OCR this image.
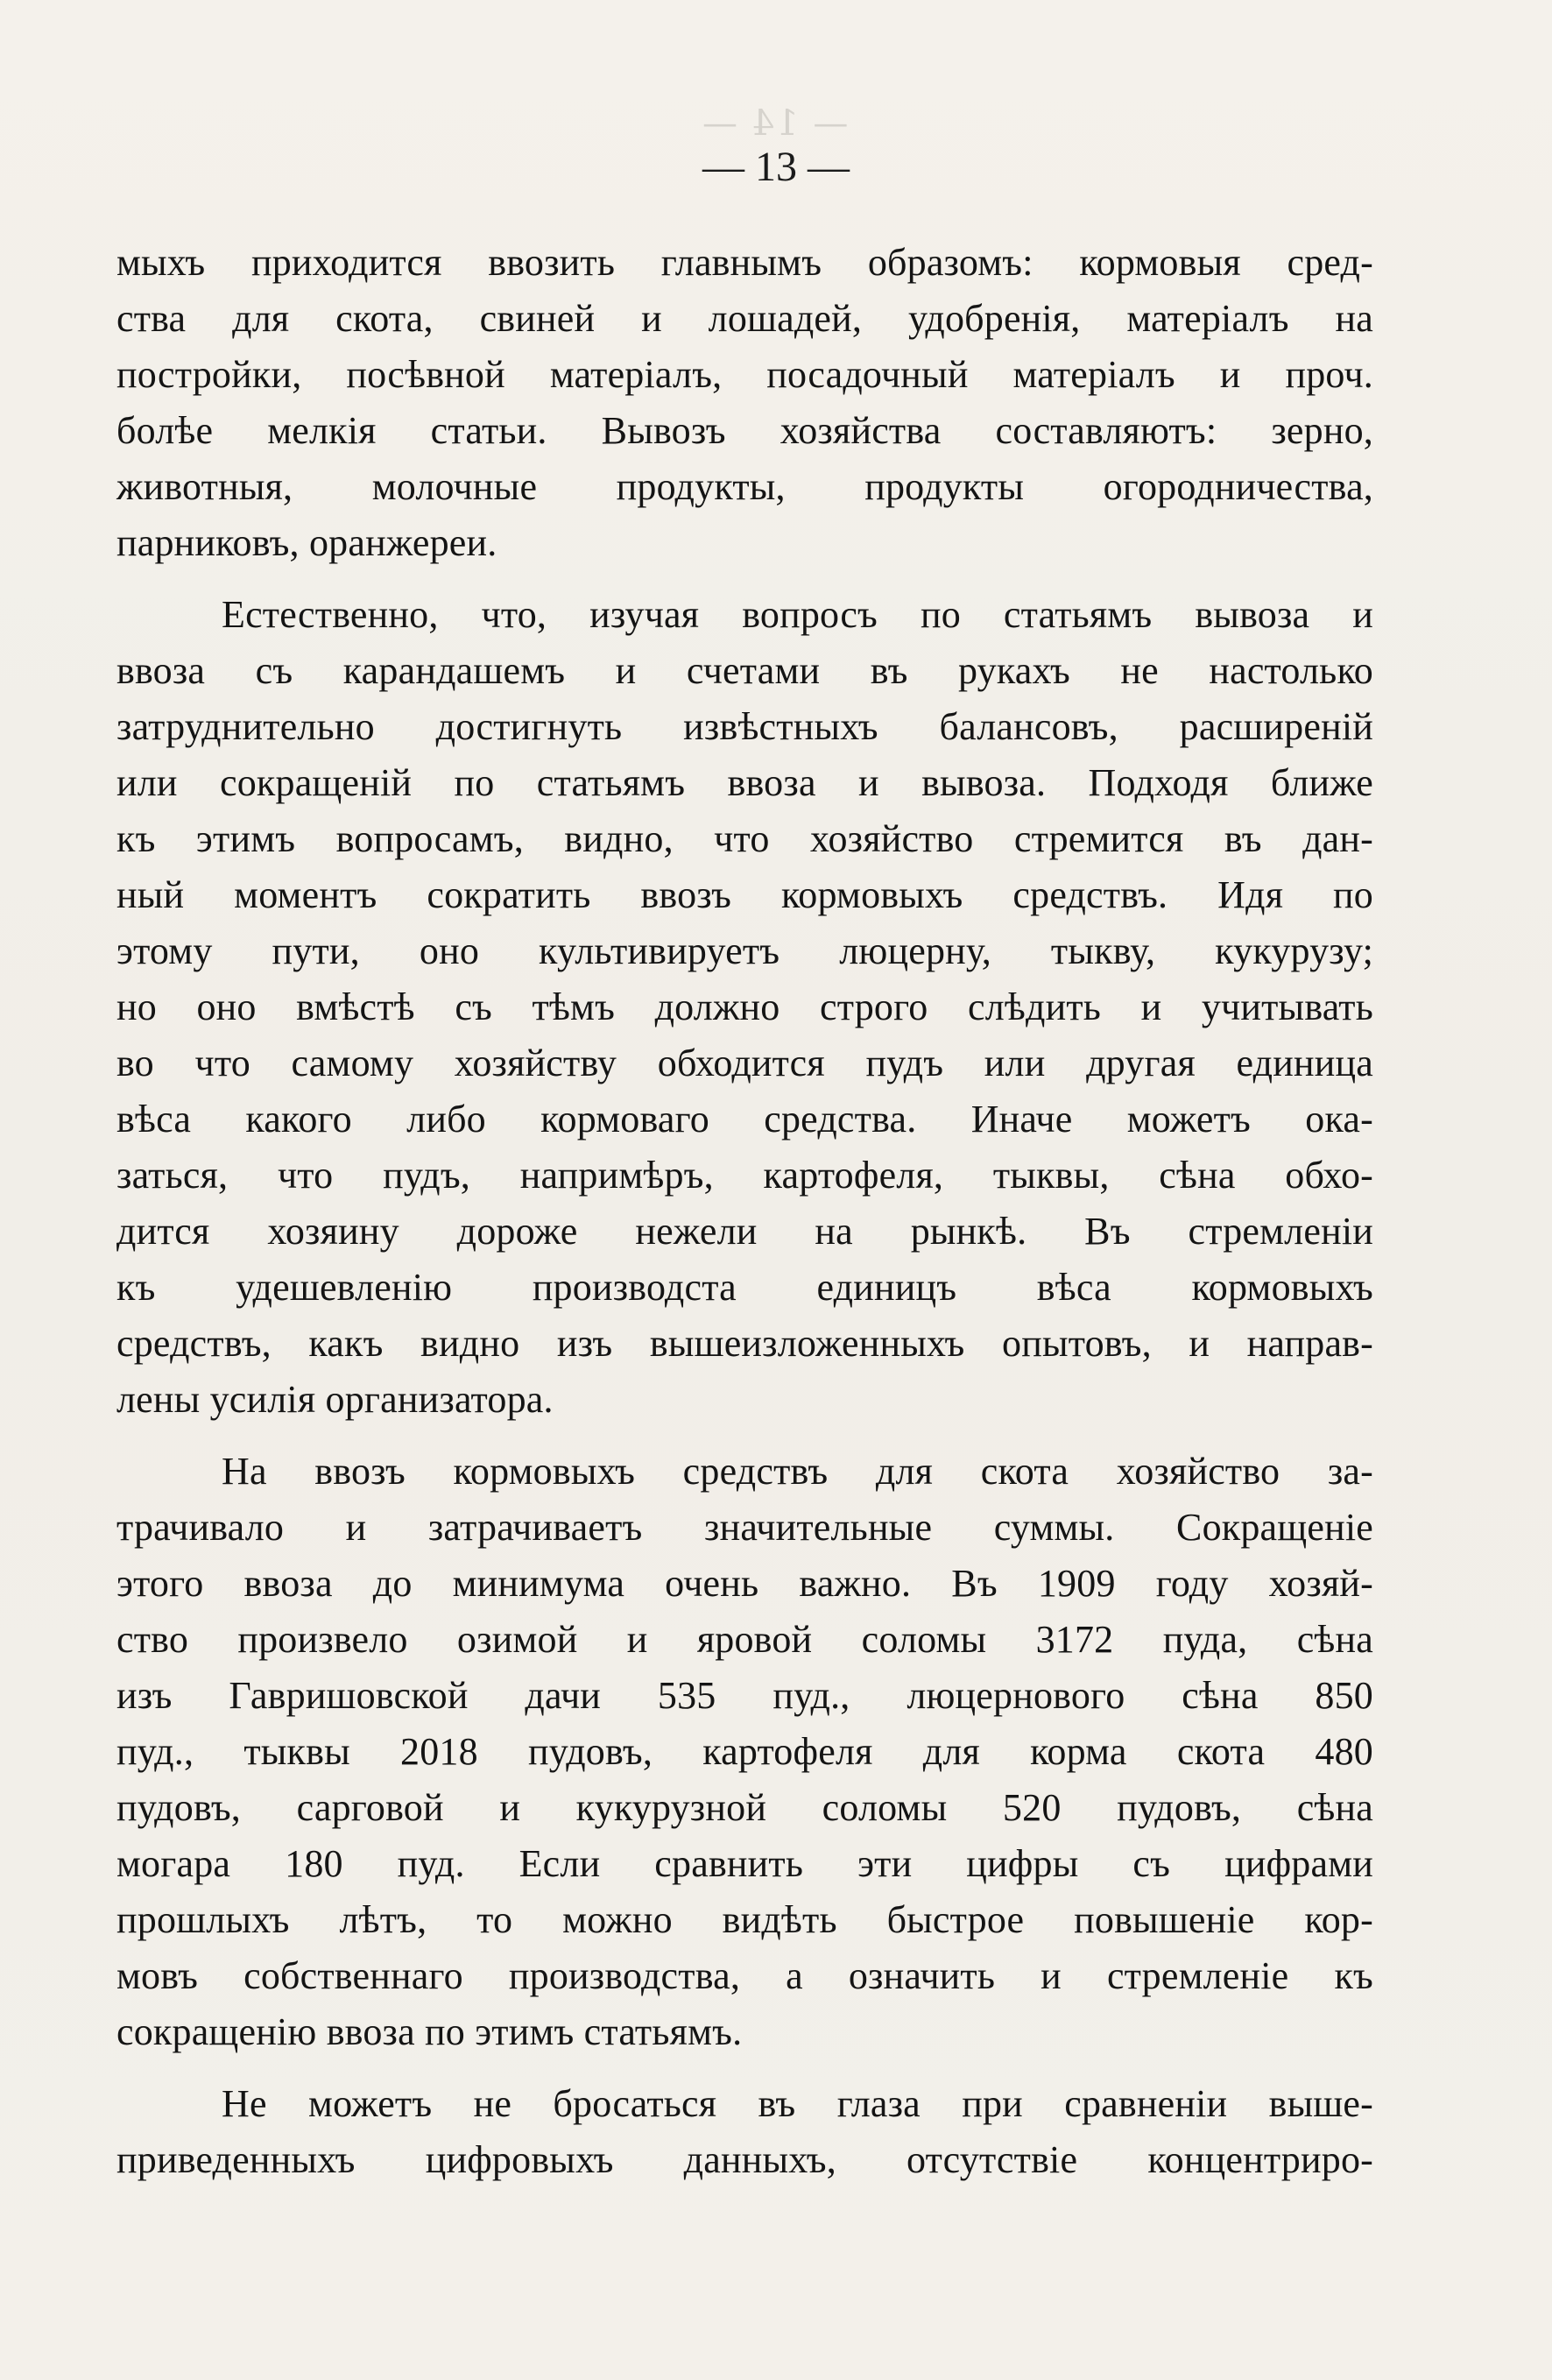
— 14 —
— 13 —
мыхъ приходится ввозить главнымъ образомъ: кормовыя сред-
ства для скота, свиней и лошадей, удобренія, матеріалъ на
постройки, посѣвной матеріалъ, посадочный матеріалъ и проч.
болѣе мелкія статьи. Вывозъ хозяйства составляютъ: зерно,
животныя, молочные продукты, продукты огородничества,
парниковъ, оранжереи.
Естественно, что, изучая вопросъ по статьямъ вывоза и
ввоза съ карандашемъ и счетами въ рукахъ не настолько
затруднительно достигнуть извѣстныхъ балансовъ, расширеній
или сокращеній по статьямъ ввоза и вывоза. Подходя ближе
къ этимъ вопросамъ, видно, что хозяйство стремится въ дан-
ный моментъ сократить ввозъ кормовыхъ средствъ. Идя по
этому пути, оно культивируетъ люцерну, тыкву, кукурузу;
но оно вмѣстѣ съ тѣмъ должно строго слѣдить и учитывать
во что самому хозяйству обходится пудъ или другая единица
вѣса какого либо кормоваго средства. Иначе можетъ ока-
заться, что пудъ, напримѣръ, картофеля, тыквы, сѣна обхо-
дится хозяину дороже нежели на рынкѣ. Въ стремленіи
къ удешевленію производста единицъ вѣса кормовыхъ
средствъ, какъ видно изъ вышеизложенныхъ опытовъ, и направ-
лены усилія организатора.
На ввозъ кормовыхъ средствъ для скота хозяйство за-
трачивало и затрачиваетъ значительные суммы. Сокращеніе
этого ввоза до минимума очень важно. Въ 1909 году хозяй-
ство произвело озимой и яровой соломы 3172 пуда, сѣна
изъ Гавришовской дачи 535 пуд., люцернового сѣна 850
пуд., тыквы 2018 пудовъ, картофеля для корма скота 480
пудовъ, сарговой и кукурузной соломы 520 пудовъ, сѣна
могара 180 пуд. Если сравнить эти цифры съ цифрами
прошлыхъ лѣтъ, то можно видѣть быстрое повышеніе кор-
мовъ собственнаго производства, а означить и стремленіе къ
сокращенію ввоза по этимъ статьямъ.
Не можетъ не бросаться въ глаза при сравненіи выше-
приведенныхъ цифровыхъ данныхъ, отсутствіе концентриро-
